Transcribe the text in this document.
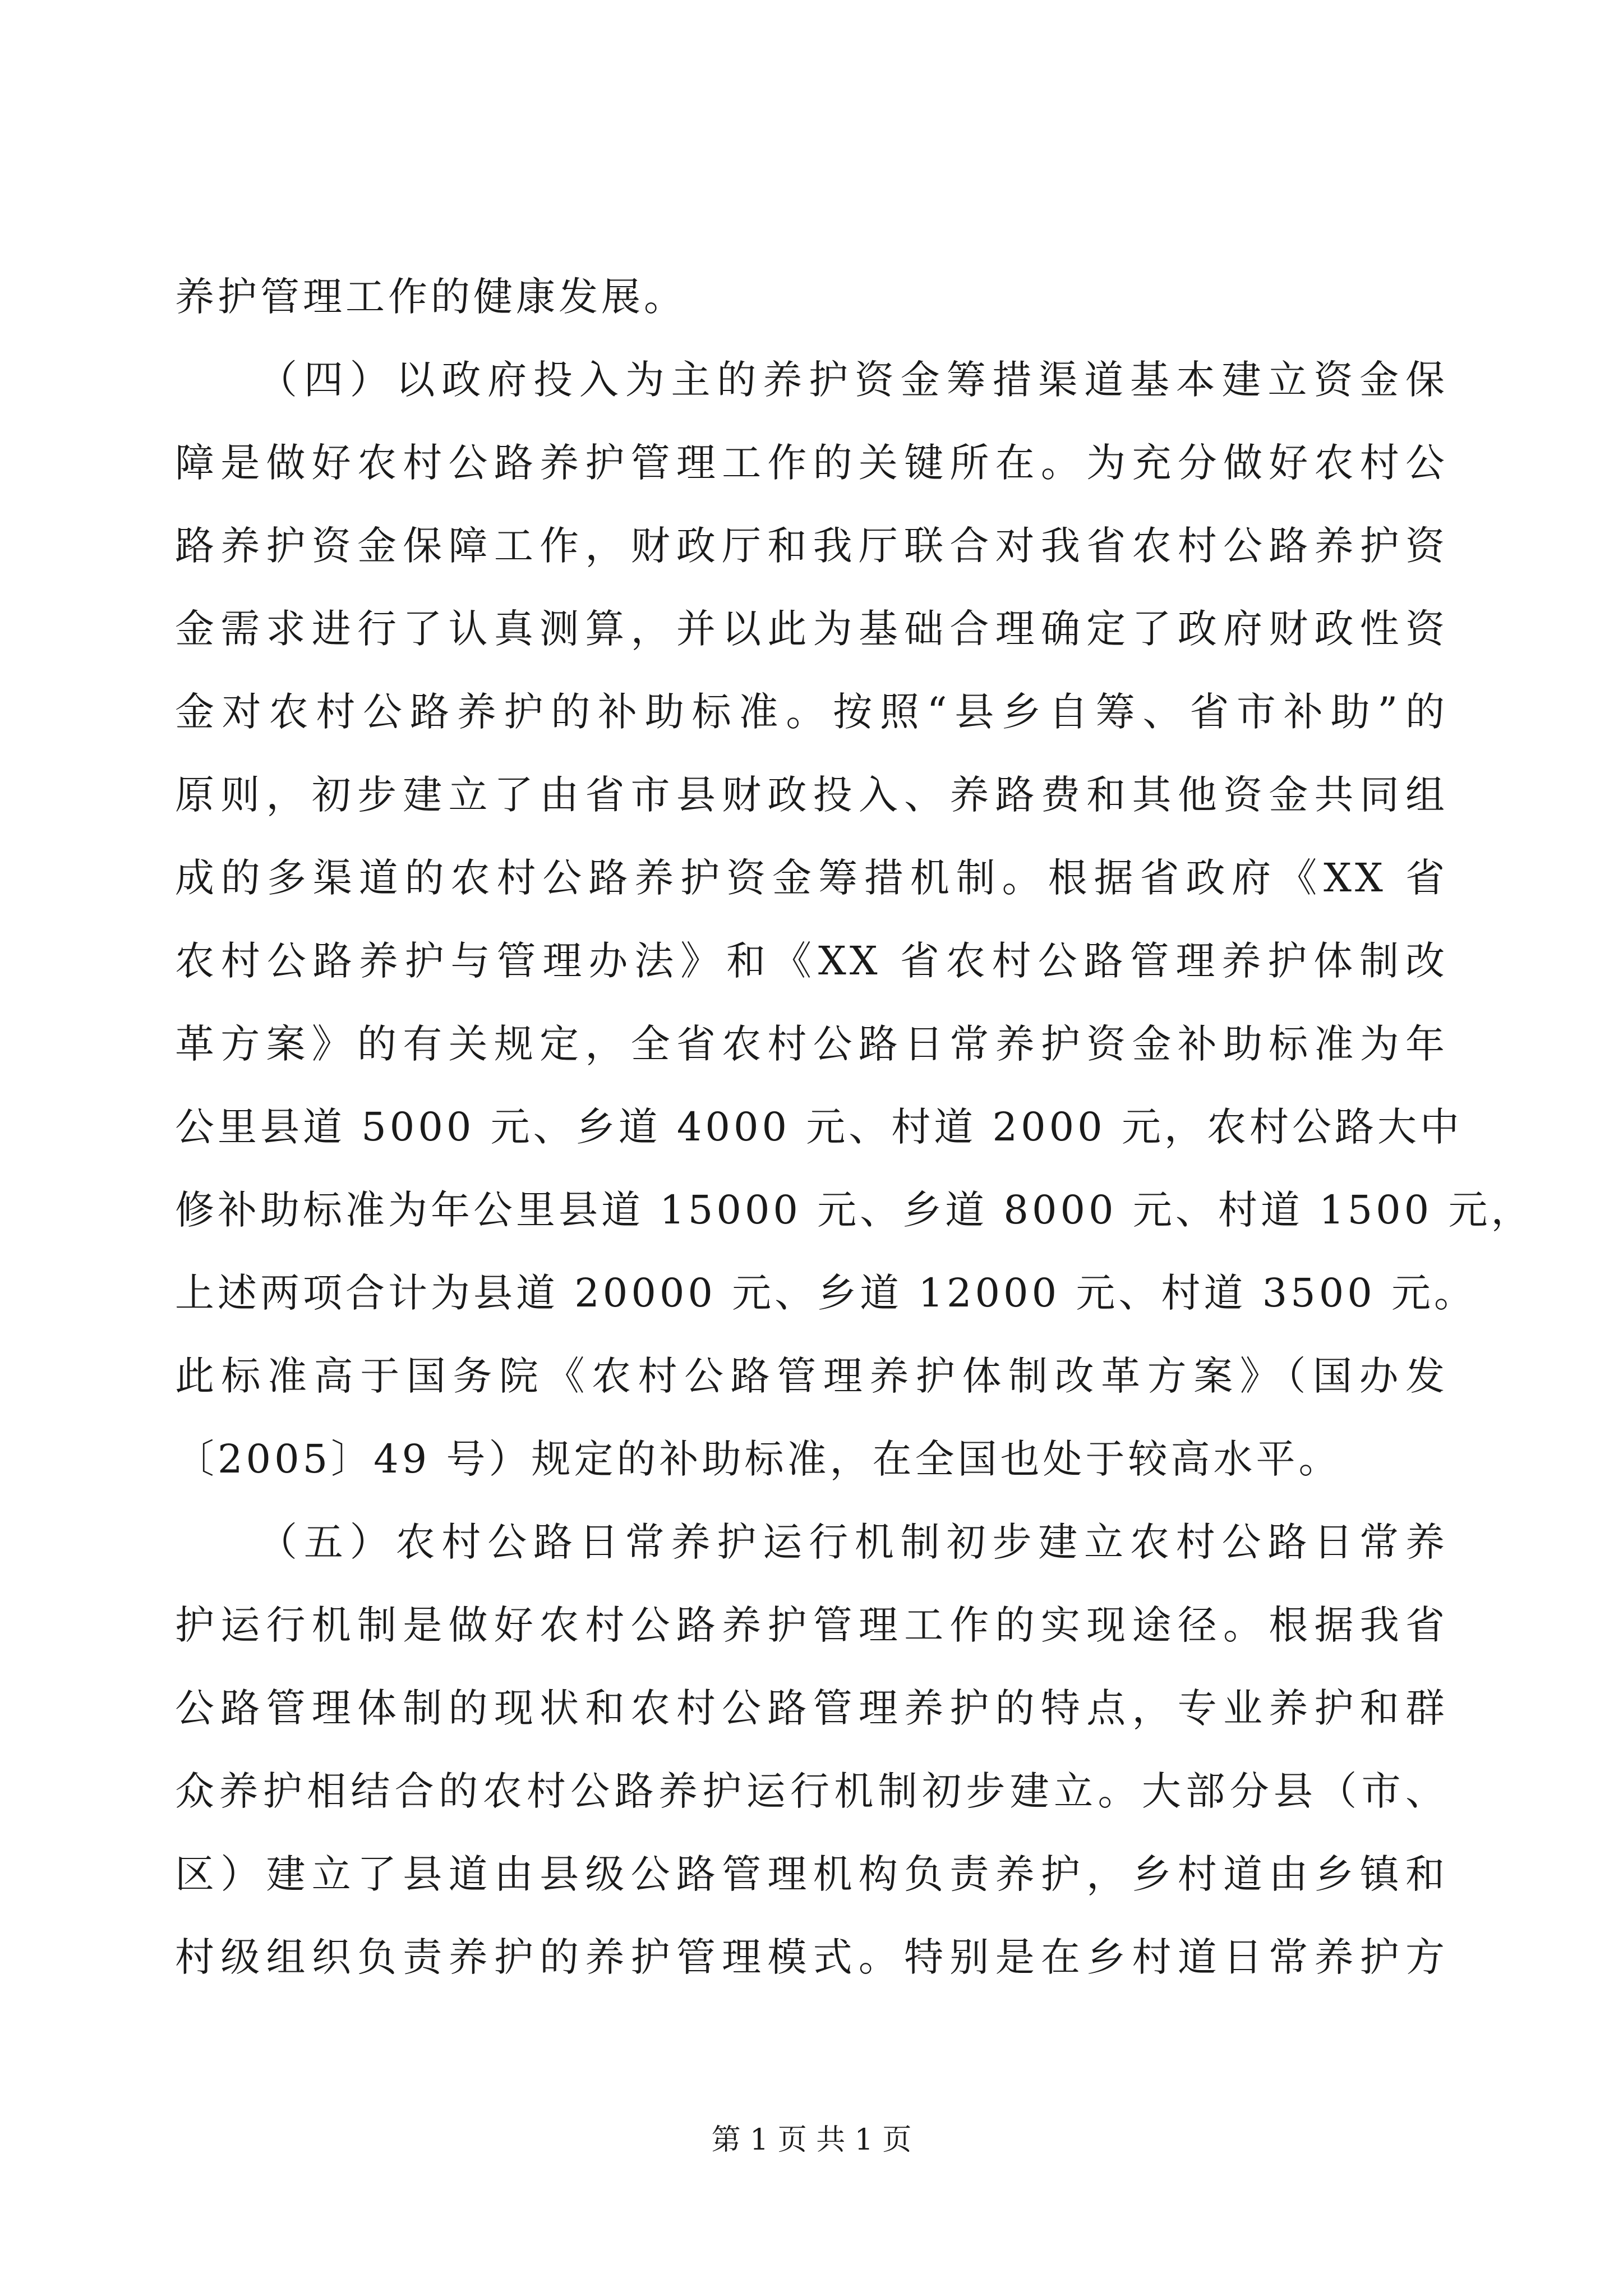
养护管理工作的健康发展。
（四）以政府投入为主的养护资金筹措渠道基本建立资金保
障是做好农村公路养护管理工作的关键所在。为充分做好农村公
路养护资金保障工作，财政厅和我厅联合对我省农村公路养护资
金需求进行了认真测算，并以此为基础合理确定了政府财政性资
金对农村公路养护的补助标准。按照“县乡自筹、省市补助”的
原则，初步建立了由省市县财政投入、养路费和其他资金共同组
成的多渠道的农村公路养护资金筹措机制。根据省政府《XX 省
农村公路养护与管理办法》和《XX 省农村公路管理养护体制改
革方案》的有关规定，全省农村公路日常养护资金补助标准为年
公里县道 5000 元、乡道 4000 元、村道 2000 元，农村公路大中
修补助标准为年公里县道 15000 元、乡道 8000 元、村道 1500 元，
上述两项合计为县道 20000 元、乡道 12000 元、村道 3500 元。
此标准高于国务院《农村公路管理养护体制改革方案》（国办发
〔2005〕49 号）规定的补助标准，在全国也处于较高水平。
（五）农村公路日常养护运行机制初步建立农村公路日常养
护运行机制是做好农村公路养护管理工作的实现途径。根据我省
公路管理体制的现状和农村公路管理养护的特点，专业养护和群
众养护相结合的农村公路养护运行机制初步建立。大部分县（市、
区）建立了县道由县级公路管理机构负责养护，乡村道由乡镇和
村级组织负责养护的养护管理模式。特别是在乡村道日常养护方
第 1 页 共 1 页
